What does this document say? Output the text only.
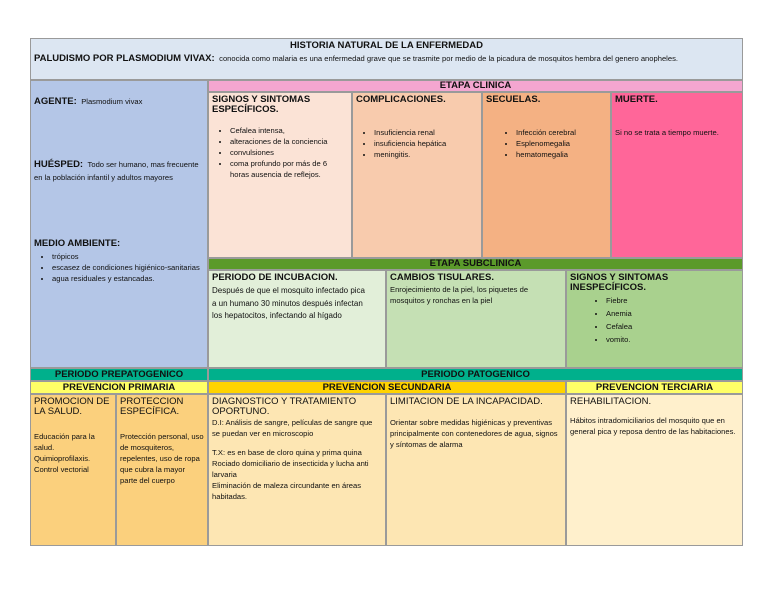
HISTORIA NATURAL DE LA ENFERMEDAD
PALUDISMO POR PLASMODIUM VIVAX: conocida como malaria es una enfermedad grave que se trasmite por medio de la picadura de mosquitos hembra del genero anopheles.
AGENTE: Plasmodium vivax
HUÉSPED: Todo ser humano, mas frecuente en la población infantil y adultos mayores
MEDIO AMBIENTE:
• trópicos
• escasez de condiciones higiénico-sanitarias
• agua residuales y estancadas.
ETAPA CLINICA
SIGNOS Y SINTOMAS ESPECÍFICOS.
• Cefalea intensa,
• alteraciones de la conciencia
• convulsiones
• coma profundo por más de 6 horas ausencia de reflejos.
COMPLICACIONES.
• Insuficiencia renal
• insuficiencia hepática
• meningitis.
SECUELAS.
• Infección cerebral
• Esplenomegalia
• hematomegalia
MUERTE.
Si no se trata a tiempo muerte.
ETAPA SUBCLINICA
PERIODO DE INCUBACION.
Después de que el mosquito infectado pica a un humano 30 minutos después infectan los hepatocitos, infectando al hígado
CAMBIOS TISULARES.
Enrojecimiento de la piel, los piquetes de mosquitos y ronchas en la piel
SIGNOS Y SINTOMAS INESPECÍFICOS.
• Fiebre
• Anemia
• Cefalea
• vomito.
PERIODO PREPATOGENICO	PERIODO PATOGENICO
PREVENCION PRIMARIA	PREVENCION SECUNDARIA	PREVENCION TERCIARIA
PROMOCION DE LA SALUD.
Educación para la salud. Quimioprofilaxis. Control vectorial
PROTECCION ESPECÍFICA.
Protección personal, uso de mosquiteros, repelentes, uso de ropa que cubra la mayor parte del cuerpo
DIAGNOSTICO Y TRATAMIENTO OPORTUNO.
D.I: Análisis de sangre, películas de sangre que se puedan ver en microscopio
T.X: es en base de cloro quina y prima quina
Rociado domiciliario de insecticida y lucha anti larvaria
Eliminación de maleza circundante en áreas habitadas.
LIMITACION DE LA INCAPACIDAD.
Orientar sobre medidas higiénicas y preventivas principalmente con contenedores de agua, signos y síntomas de alarma
REHABILITACION.
Hábitos intradomiciliarios del mosquito que en general pica y reposa dentro de las habitaciones.
